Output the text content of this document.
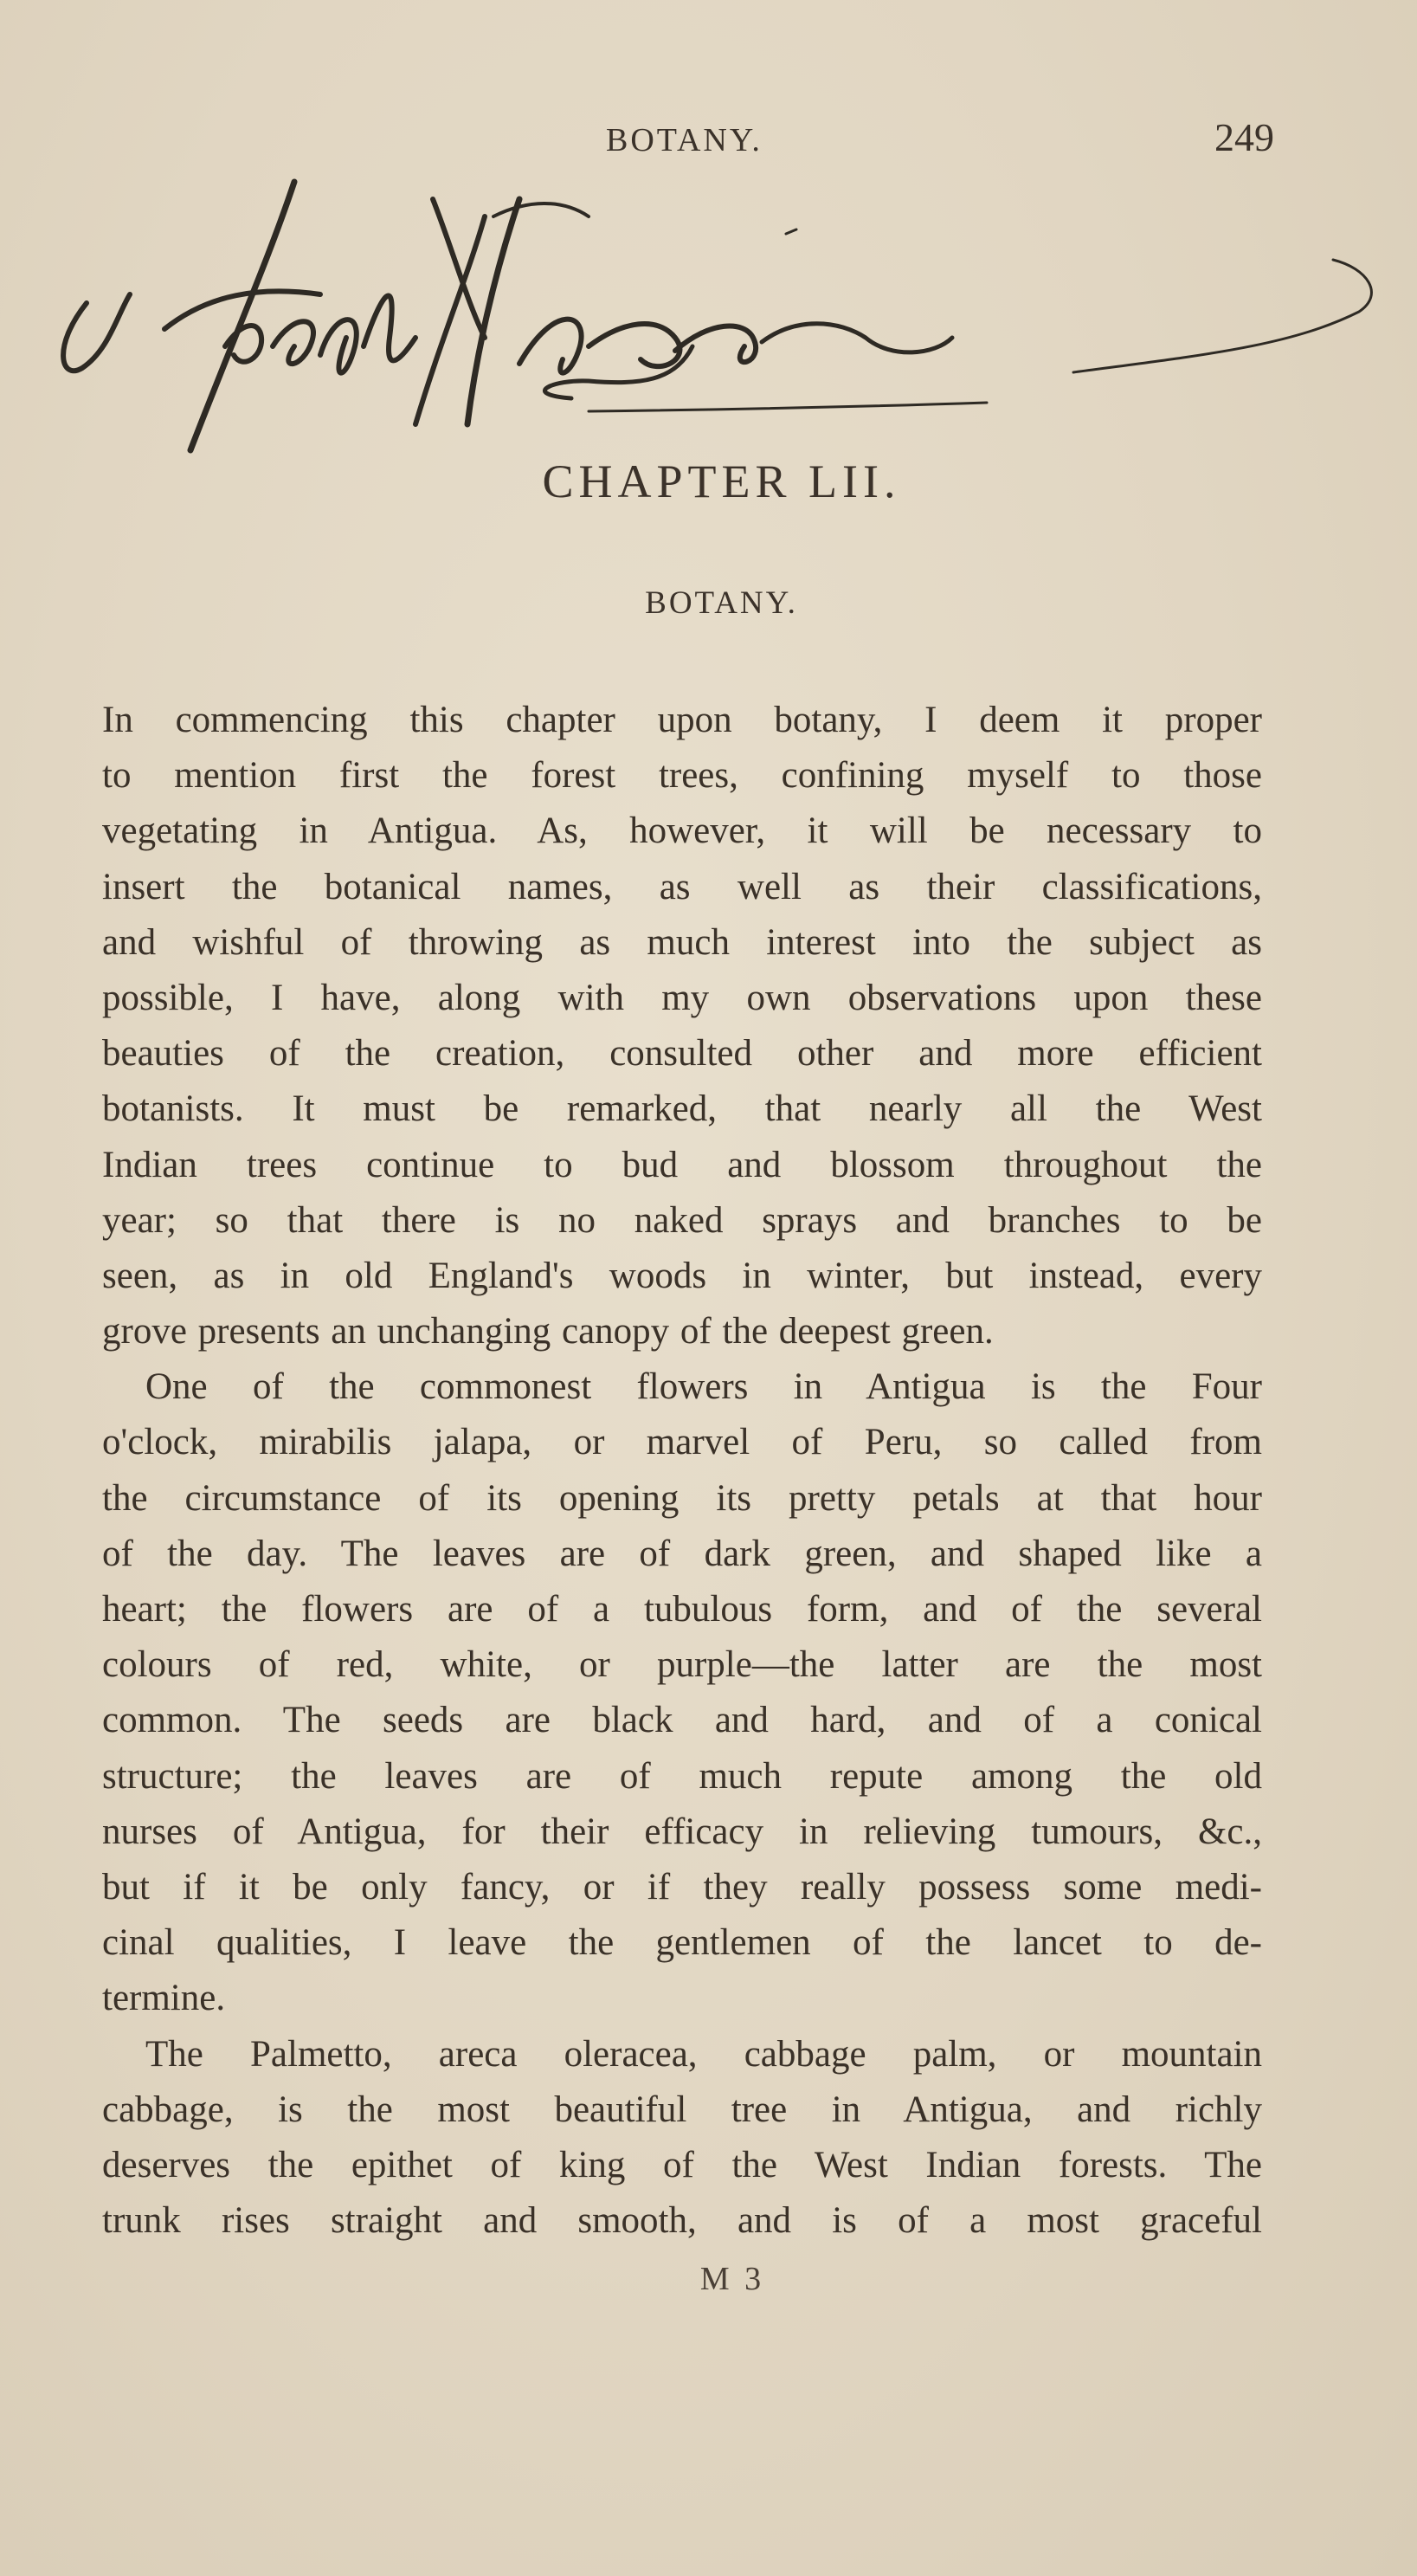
BOTANY.	249
CHAPTER LII.
BOTANY.
In commencing this chapter upon botany, I deem it proper
to mention first the forest trees, confining myself to those
vegetating in Antigua. As, however, it will be necessary to
insert the botanical names, as well as their classifications,
and wishful of throwing as much interest into the subject as
possible, I have, along with my own observations upon these
beauties of the creation, consulted other and more efficient
botanists. It must be remarked, that nearly all the West
Indian trees continue to bud and blossom throughout the
year; so that there is no naked sprays and branches to be
seen, as in old England's woods in winter, but instead, every
grove presents an unchanging canopy of the deepest green.
One of the commonest flowers in Antigua is the Four
o'clock, mirabilis jalapa, or marvel of Peru, so called from
the circumstance of its opening its pretty petals at that hour
of the day. The leaves are of dark green, and shaped like a
heart; the flowers are of a tubulous form, and of the several
colours of red, white, or purple—the latter are the most
common. The seeds are black and hard, and of a conical
structure; the leaves are of much repute among the old
nurses of Antigua, for their efficacy in relieving tumours, &c.,
but if it be only fancy, or if they really possess some medi-
cinal qualities, I leave the gentlemen of the lancet to de-
termine.
The Palmetto, areca oleracea, cabbage palm, or mountain
cabbage, is the most beautiful tree in Antigua, and richly
deserves the epithet of king of the West Indian forests. The
trunk rises straight and smooth, and is of a most graceful
M 3
